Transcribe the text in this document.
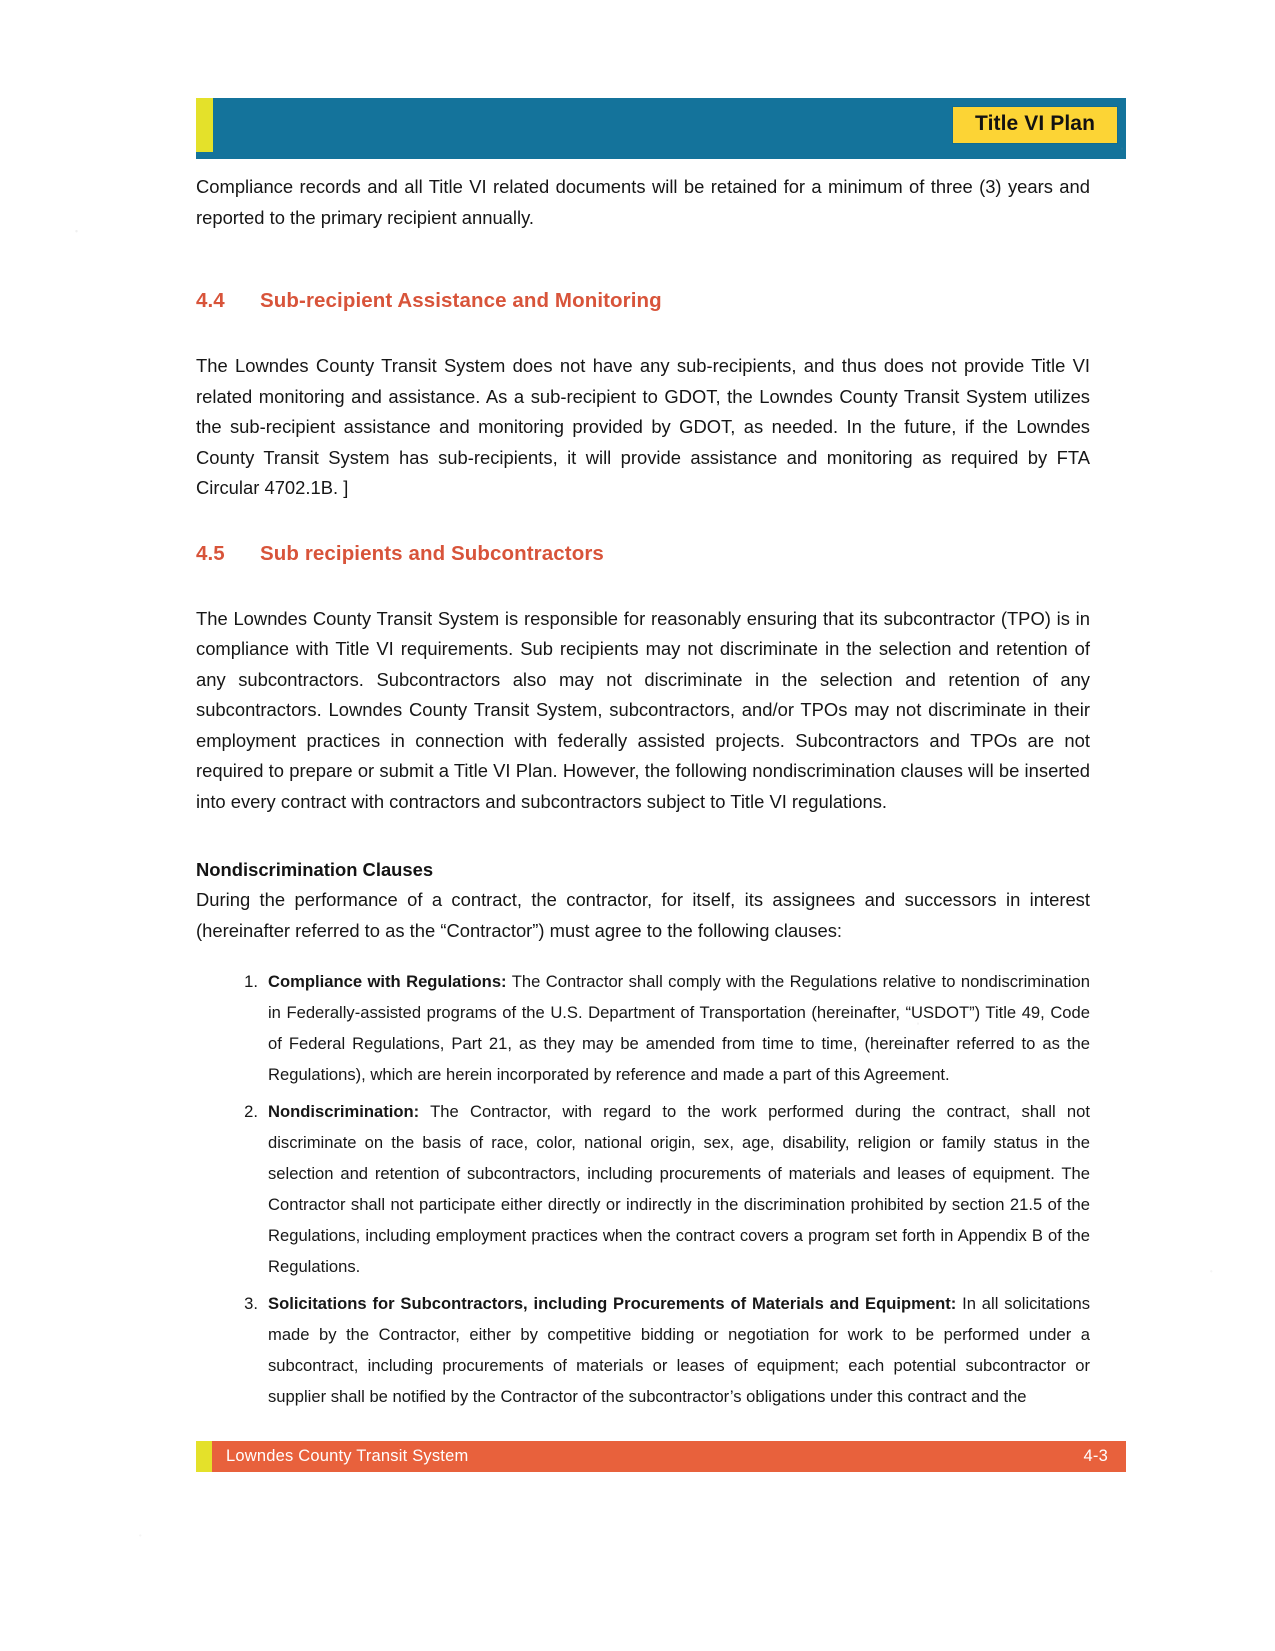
Title VI Plan

Compliance records and all Title VI related documents will be retained for a minimum of three (3) years and reported to the primary recipient annually.

4.4	Sub-recipient Assistance and Monitoring

The Lowndes County Transit System does not have any sub-recipients, and thus does not provide Title VI related monitoring and assistance. As a sub-recipient to GDOT, the Lowndes County Transit System utilizes the sub-recipient assistance and monitoring provided by GDOT, as needed. In the future, if the Lowndes County Transit System has sub-recipients, it will provide assistance and monitoring as required by FTA Circular 4702.1B. ]

4.5	Sub recipients and Subcontractors

The Lowndes County Transit System is responsible for reasonably ensuring that its subcontractor (TPO) is in compliance with Title VI requirements. Sub recipients may not discriminate in the selection and retention of any subcontractors. Subcontractors also may not discriminate in the selection and retention of any subcontractors. Lowndes County Transit System, subcontractors, and/or TPOs may not discriminate in their employment practices in connection with federally assisted projects. Subcontractors and TPOs are not required to prepare or submit a Title VI Plan. However, the following nondiscrimination clauses will be inserted into every contract with contractors and subcontractors subject to Title VI regulations.

Nondiscrimination Clauses

During the performance of a contract, the contractor, for itself, its assignees and successors in interest (hereinafter referred to as the “Contractor”) must agree to the following clauses:

1. Compliance with Regulations: The Contractor shall comply with the Regulations relative to nondiscrimination in Federally-assisted programs of the U.S. Department of Transportation (hereinafter, “USDOT”) Title 49, Code of Federal Regulations, Part 21, as they may be amended from time to time, (hereinafter referred to as the Regulations), which are herein incorporated by reference and made a part of this Agreement.
2. Nondiscrimination: The Contractor, with regard to the work performed during the contract, shall not discriminate on the basis of race, color, national origin, sex, age, disability, religion or family status in the selection and retention of subcontractors, including procurements of materials and leases of equipment. The Contractor shall not participate either directly or indirectly in the discrimination prohibited by section 21.5 of the Regulations, including employment practices when the contract covers a program set forth in Appendix B of the Regulations.
3. Solicitations for Subcontractors, including Procurements of Materials and Equipment: In all solicitations made by the Contractor, either by competitive bidding or negotiation for work to be performed under a subcontract, including procurements of materials or leases of equipment; each potential subcontractor or supplier shall be notified by the Contractor of the subcontractor’s obligations under this contract and the
Lowndes County Transit System	4-3
